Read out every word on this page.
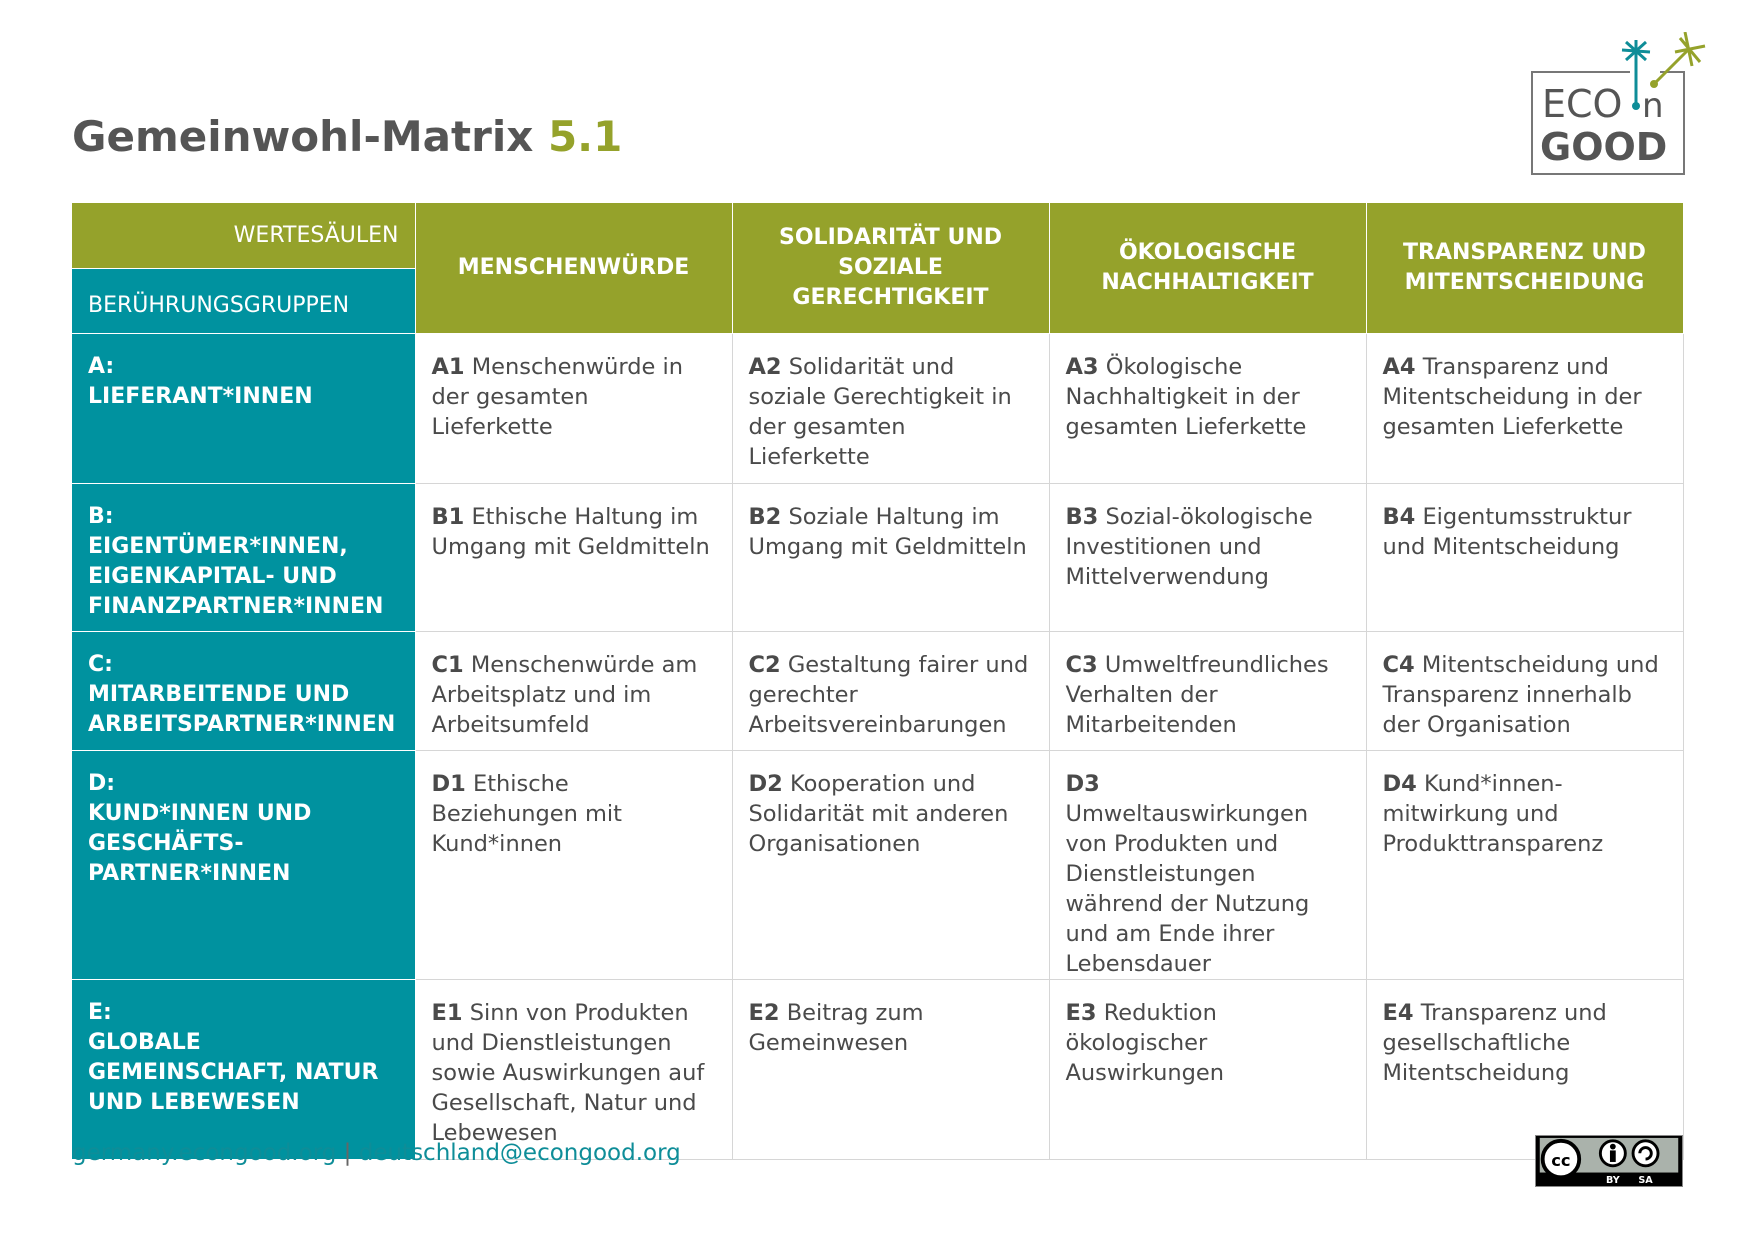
Gemeinwohl-Matrix 5.1
ECO n
GOOD
WERTESÄULEN
BERÜHRUNGSGRUPPEN	MENSCHENWÜRDE	SOLIDARITÄT UND SOZIALE GERECHTIGKEIT	ÖKOLOGISCHE NACHHALTIGKEIT	TRANSPARENZ UND MITENTSCHEIDUNG

A:
LIEFERANT*INNEN	A1 Menschenwürde in der gesamten Lieferkette	A2 Solidarität und soziale Gerechtigkeit in der gesamten Lieferkette	A3 Ökologische Nachhaltigkeit in der gesamten Lieferkette	A4 Transparenz und Mitentscheidung in der gesamten Lieferkette

B:
EIGENTÜMER*INNEN, EIGENKAPITAL- UND FINANZPARTNER*INNEN	B1 Ethische Haltung im Umgang mit Geldmitteln	B2 Soziale Haltung im Umgang mit Geldmitteln	B3 Sozial-ökologische Investitionen und Mittelverwendung	B4 Eigentumsstruktur und Mitentscheidung

C:
MITARBEITENDE UND ARBEITSPARTNER*INNEN	C1 Menschenwürde am Arbeitsplatz und im Arbeitsumfeld	C2 Gestaltung fairer und gerechter Arbeitsvereinbarungen	C3 Umweltfreundliches Verhalten der Mitarbeitenden	C4 Mitentscheidung und Transparenz innerhalb der Organisation

D:
KUND*INNEN UND GESCHÄFTS-PARTNER*INNEN	D1 Ethische Beziehungen mit Kund*innen	D2 Kooperation und Solidarität mit anderen Organisationen	D3 Umweltauswirkungen von Produkten und Dienstleistungen während der Nutzung und am Ende ihrer Lebensdauer	D4 Kund*innen-mitwirkung und Produkttransparenz

E:
GLOBALE GEMEINSCHAFT, NATUR UND LEBEWESEN	E1 Sinn von Produkten und Dienstleistungen sowie Auswirkungen auf Gesellschaft, Natur und Lebewesen	E2 Beitrag zum Gemeinwesen	E3 Reduktion ökologischer Auswirkungen	E4 Transparenz und gesellschaftliche Mitentscheidung
germany.econgood.org | deutschland@econgood.org	cc
BY SA
